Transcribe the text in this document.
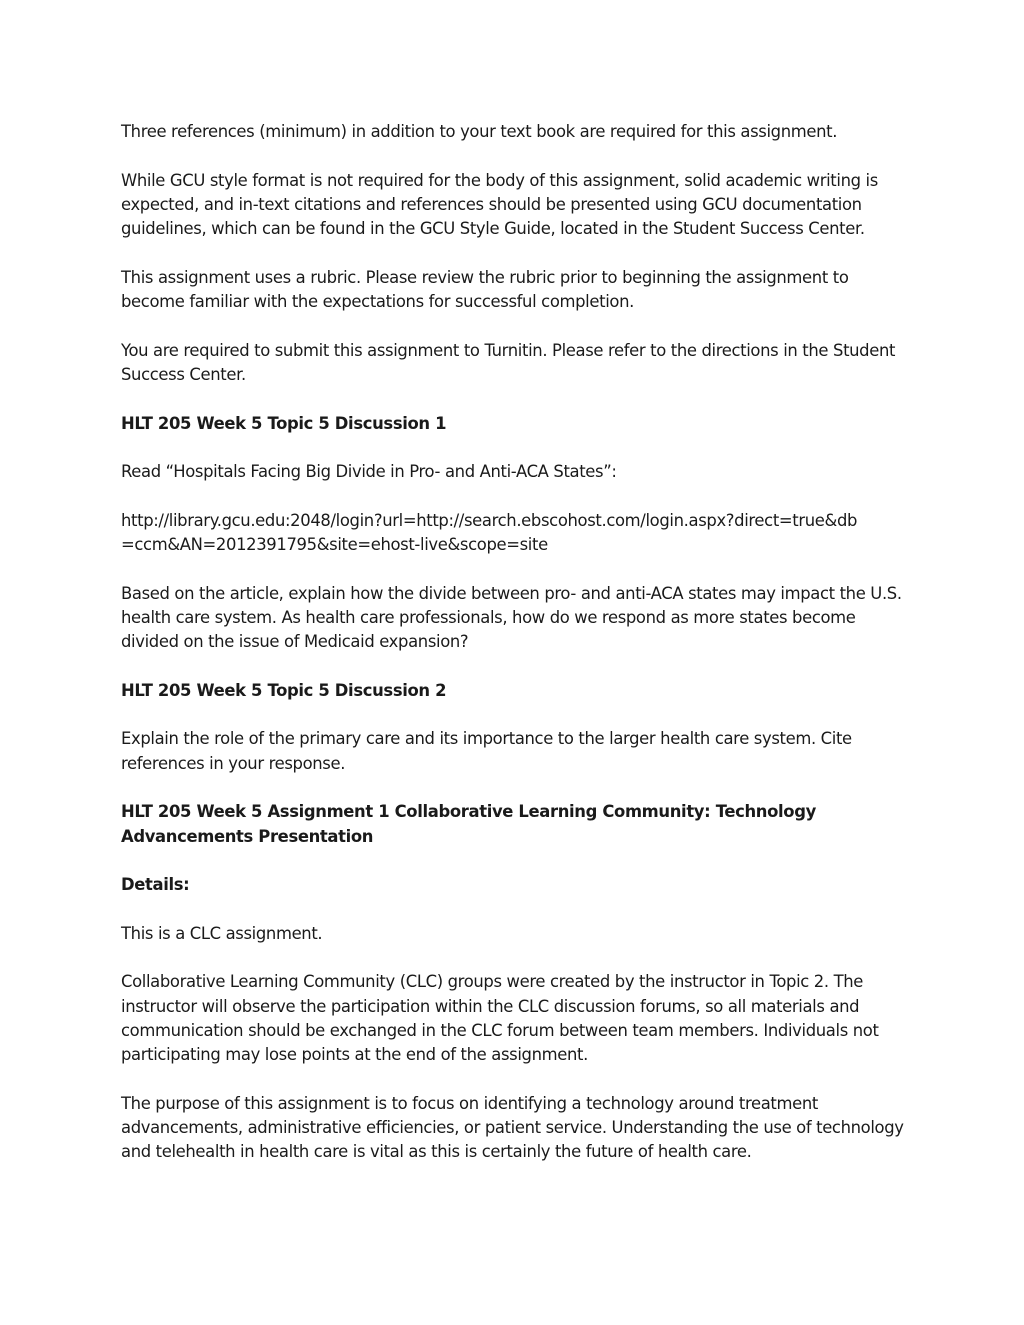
Three references (minimum) in addition to your text book are required for this assignment.

While GCU style format is not required for the body of this assignment, solid academic writing is expected, and in-text citations and references should be presented using GCU documentation guidelines, which can be found in the GCU Style Guide, located in the Student Success Center.

This assignment uses a rubric. Please review the rubric prior to beginning the assignment to become familiar with the expectations for successful completion.

You are required to submit this assignment to Turnitin. Please refer to the directions in the Student Success Center.

HLT 205 Week 5 Topic 5 Discussion 1

Read “Hospitals Facing Big Divide in Pro- and Anti-ACA States”:

http://library.gcu.edu:2048/login?url=http://search.ebscohost.com/login.aspx?direct=true&db
=ccm&AN=2012391795&site=ehost-live&scope=site

Based on the article, explain how the divide between pro- and anti-ACA states may impact the U.S. health care system. As health care professionals, how do we respond as more states become divided on the issue of Medicaid expansion?

HLT 205 Week 5 Topic 5 Discussion 2

Explain the role of the primary care and its importance to the larger health care system. Cite references in your response.

HLT 205 Week 5 Assignment 1 Collaborative Learning Community: Technology Advancements Presentation

Details:

This is a CLC assignment.

Collaborative Learning Community (CLC) groups were created by the instructor in Topic 2. The instructor will observe the participation within the CLC discussion forums, so all materials and communication should be exchanged in the CLC forum between team members. Individuals not participating may lose points at the end of the assignment.

The purpose of this assignment is to focus on identifying a technology around treatment advancements, administrative efficiencies, or patient service. Understanding the use of technology and telehealth in health care is vital as this is certainly the future of health care.
